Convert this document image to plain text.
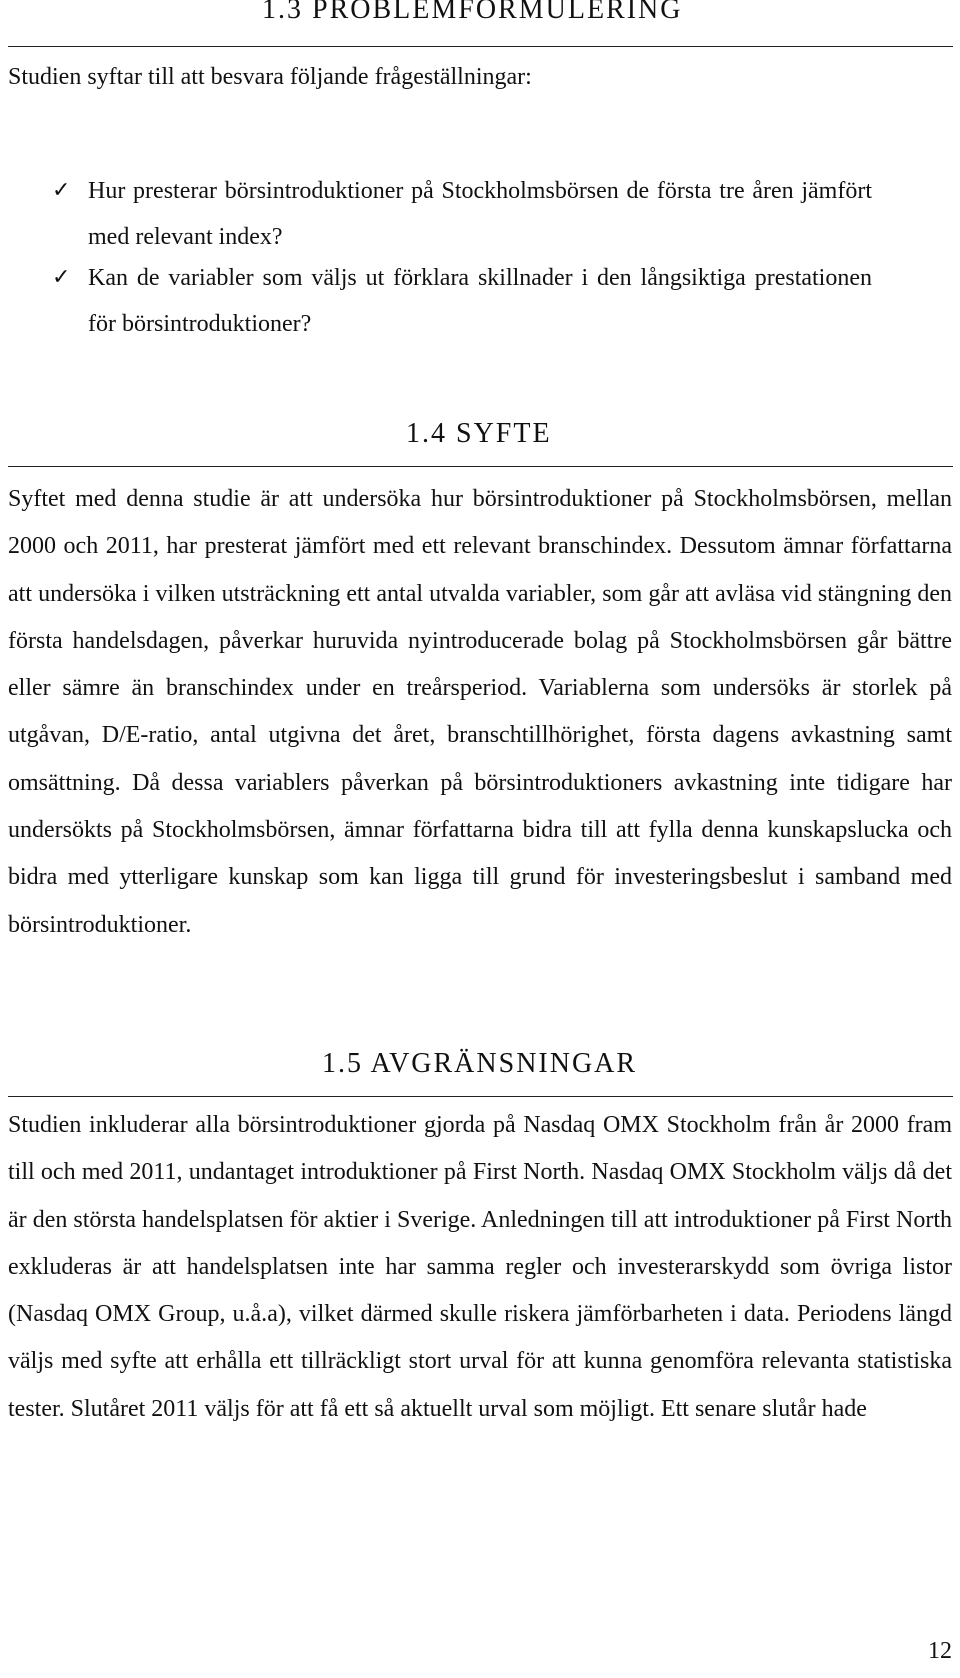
1.3 PROBLEMFORMULERING

Studien syftar till att besvara följande frågeställningar:

✓ Hur presterar börsintroduktioner på Stockholmsbörsen de första tre åren jämfört med relevant index?
✓ Kan de variabler som väljs ut förklara skillnader i den långsiktiga prestationen för börsintroduktioner?
1.4 SYFTE

Syftet med denna studie är att undersöka hur börsintroduktioner på Stockholmsbörsen, mellan 2000 och 2011, har presterat jämfört med ett relevant branschindex. Dessutom ämnar författarna att undersöka i vilken utsträckning ett antal utvalda variabler, som går att avläsa vid stängning den första handelsdagen, påverkar huruvida nyintroducerade bolag på Stockholmsbörsen går bättre eller sämre än branschindex under en treårsperiod. Variablerna som undersöks är storlek på utgåvan, D/E-ratio, antal utgivna det året, branschtillhörighet, första dagens avkastning samt omsättning. Då dessa variablers påverkan på börsintroduktioners avkastning inte tidigare har undersökts på Stockholmsbörsen, ämnar författarna bidra till att fylla denna kunskapslucka och bidra med ytterligare kunskap som kan ligga till grund för investeringsbeslut i samband med börsintroduktioner.

1.5 AVGRÄNSNINGAR

Studien inkluderar alla börsintroduktioner gjorda på Nasdaq OMX Stockholm från år 2000 fram till och med 2011, undantaget introduktioner på First North. Nasdaq OMX Stockholm väljs då det är den största handelsplatsen för aktier i Sverige. Anledningen till att introduktioner på First North exkluderas är att handelsplatsen inte har samma regler och investerarskydd som övriga listor (Nasdaq OMX Group, u.å.a), vilket därmed skulle riskera jämförbarheten i data. Periodens längd väljs med syfte att erhålla ett tillräckligt stort urval för att kunna genomföra relevanta statistiska tester. Slutåret 2011 väljs för att få ett så aktuellt urval som möjligt. Ett senare slutår hade

12
